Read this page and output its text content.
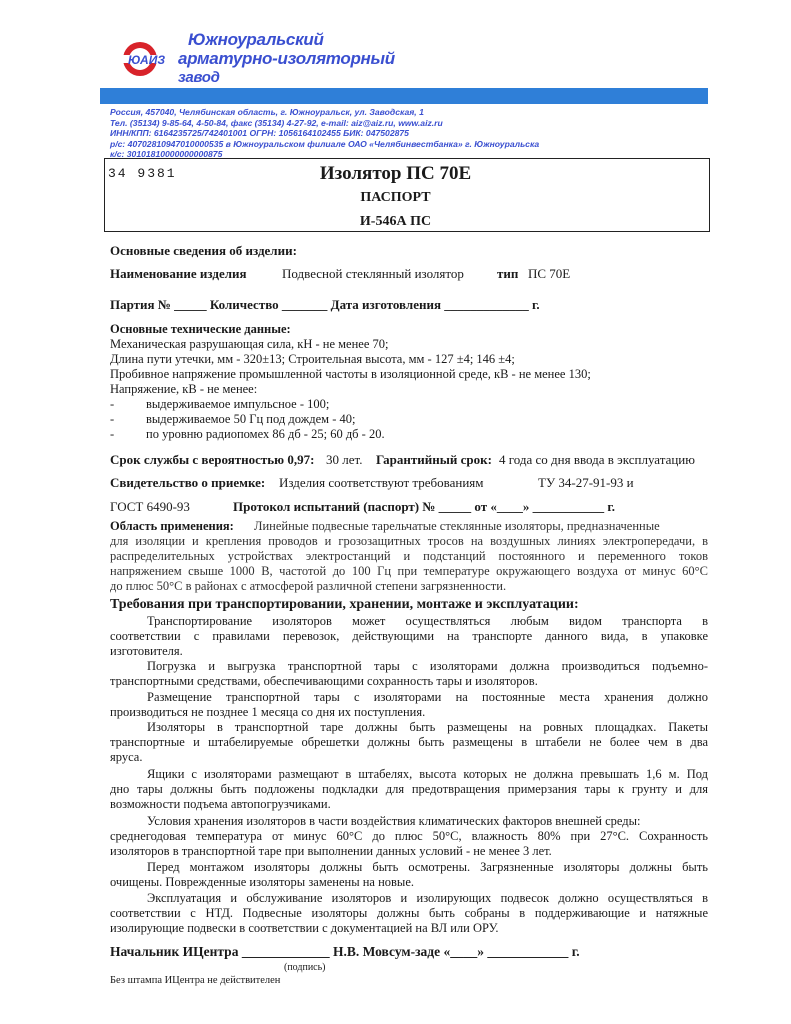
ЮАИЗ
Южноуральский
арматурно-изоляторный
завод
Россия, 457040, Челябинская область, г. Южноуральск, ул. Заводская, 1
Тел. (35134) 9-85-64, 4-50-84, факс (35134) 4-27-92, e-mail: aiz@aiz.ru, www.aiz.ru
ИНН/КПП: 6164235725/742401001 ОГРН: 1056164102455 БИК: 047502875
р/с: 40702810947010000535 в Южноуральском филиале ОАО «Челябинвестбанка» г. Южноуральска
к/с: 30101810000000000875
34 9381	Изолятор ПС 70Е
ПАСПОРТ
И-546А ПС
Основные сведения об изделии:
Наименование изделия	Подвесной стеклянный изолятор	тип ПС 70Е
Партия № _____ Количество _______ Дата изготовления _____________ г.
Основные технические данные:
Механическая разрушающая сила, кН - не менее 70;
Длина пути утечки, мм - 320±13; Строительная высота, мм - 127 ±4; 146 ±4;
Пробивное напряжение промышленной частоты в изоляционной среде, кВ - не менее 130;
Напряжение, кВ - не менее:
-	выдерживаемое импульсное - 100;
-	выдерживаемое 50 Гц под дождем - 40;
-	по уровню радиопомех 86 дб - 25; 60 дб - 20.
Срок службы с вероятностью 0,97: 30 лет. Гарантийный срок: 4 года со дня ввода в эксплуатацию
Свидетельство о приемке: Изделия соответствуют требованиям	ТУ 34-27-91-93 и
ГОСТ 6490-93	Протокол испытаний (паспорт) № _____ от «____» ___________ г.
Область применения: Линейные подвесные тарельчатые стеклянные изоляторы, предназначенные
для изоляции и крепления проводов и грозозащитных тросов на воздушных линиях электропередачи, в
распределительных устройствах электростанций и подстанций постоянного и переменного токов
напряжением свыше 1000 В, частотой до 100 Гц при температуре окружающего воздуха от минус 60°С
до плюс 50°С в районах с атмосферой различной степени загрязненности.
Требования при транспортировании, хранении, монтаже и эксплуатации:
Транспортирование изоляторов может осуществляться любым видом транспорта в
соответствии с правилами перевозок, действующими на транспорте данного вида, в упаковке
изготовителя.
Погрузка и выгрузка транспортной тары с изоляторами должна производиться подъемно-
транспортными средствами, обеспечивающими сохранность тары и изоляторов.
Размещение транспортной тары с изоляторами на постоянные места хранения должно
производиться не позднее 1 месяца со дня их поступления.
Изоляторы в транспортной таре должны быть размещены на ровных площадках. Пакеты
транспортные и штабелируемые обрешетки должны быть размещены в штабели не более чем в два
яруса.
Ящики с изоляторами размещают в штабелях, высота которых не должна превышать 1,6 м. Под
дно тары должны быть подложены подкладки для предотвращения примерзания тары к грунту и для
возможности подъема автопогрузчиками.
Условия хранения изоляторов в части воздействия климатических факторов внешней среды:
среднегодовая температура от минус 60°С до плюс 50°С, влажность 80% при 27°С. Сохранность
изоляторов в транспортной таре при выполнении данных условий - не менее 3 лет.
Перед монтажом изоляторы должны быть осмотрены. Загрязненные изоляторы должны быть
очищены. Поврежденные изоляторы заменены на новые.
Эксплуатация и обслуживание изоляторов и изолирующих подвесок должно осуществляться в
соответствии с НТД. Подвесные изоляторы должны быть собраны в поддерживающие и натяжные
изолирующие подвески в соответствии с документацией на ВЛ или ОРУ.
Начальник ИЦентра _____________ Н.В. Мовсум-заде «____» ____________ г.
(подпись)
Без штампа ИЦентра не действителен
